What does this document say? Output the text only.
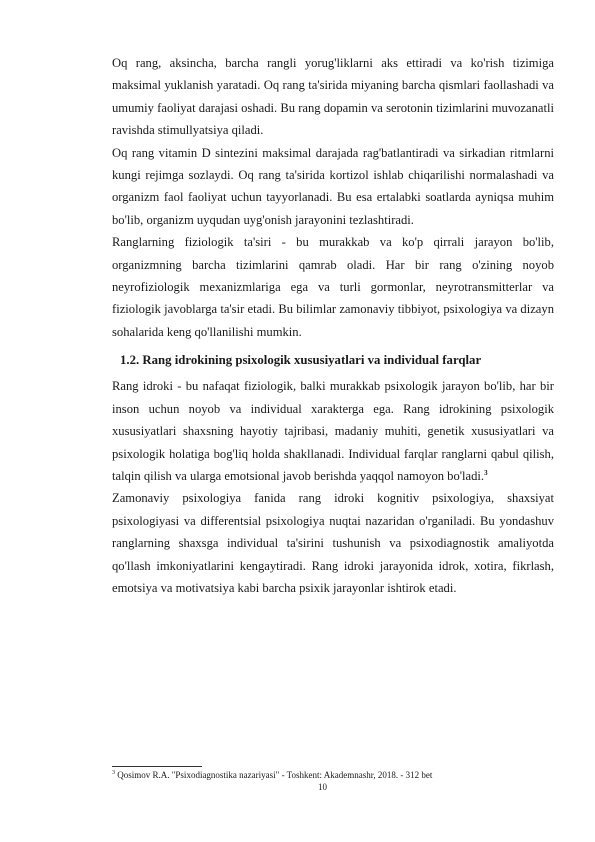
Oq rang, aksincha, barcha rangli yorug'liklarni aks ettiradi va ko'rish tizimiga maksimal yuklanish yaratadi. Oq rang ta'sirida miyaning barcha qismlari faollashadi va umumiy faoliyat darajasi oshadi. Bu rang dopamin va serotonin tizimlarini muvozanatli ravishda stimullyatsiya qiladi.

Oq rang vitamin D sintezini maksimal darajada rag'batlantiradi va sirkadian ritmlarni kungi rejimga sozlaydi. Oq rang ta'sirida kortizol ishlab chiqarilishi normalashadi va organizm faol faoliyat uchun tayyorlanadi. Bu esa ertalabki soatlarda ayniqsa muhim bo'lib, organizm uyqudan uyg'onish jarayonini tezlashtiradi.

Ranglarning fiziologik ta'siri - bu murakkab va ko'p qirrali jarayon bo'lib, organizmning barcha tizimlarini qamrab oladi. Har bir rang o'zining noyob neyrofiziologik mexanizmlariga ega va turli gormonlar, neyrotransmitterlar va fiziologik javoblarga ta'sir etadi. Bu bilimlar zamonaviy tibbiyot, psixologiya va dizayn sohalarida keng qo'llanilishi mumkin.

1.2. Rang idrokining psixologik xususiyatlari va individual farqlar

Rang idroki - bu nafaqat fiziologik, balki murakkab psixologik jarayon bo'lib, har bir inson uchun noyob va individual xarakterga ega. Rang idrokining psixologik xususiyatlari shaxsning hayotiy tajribasi, madaniy muhiti, genetik xususiyatlari va psixologik holatiga bog'liq holda shakllanadi. Individual farqlar ranglarni qabul qilish, talqin qilish va ularga emotsional javob berishda yaqqol namoyon bo'ladi.$^3$

Zamonaviy psixologiya fanida rang idroki kognitiv psixologiya, shaxsiyat psixologiyasi va differentsial psixologiya nuqtai nazaridan o'rganiladi. Bu yondashuv ranglarning shaxsga individual ta'sirini tushunish va psixodiagnostik amaliyotda qo'llash imkoniyatlarini kengaytiradi. Rang idroki jarayonida idrok, xotira, fikrlash, emotsiya va motivatsiya kabi barcha psixik jarayonlar ishtirok etadi.

$^3$ Qosimov R.A. "Psixodiagnostika nazariyasi" - Toshkent: Akademnashr, 2018. - 312 bet
10
